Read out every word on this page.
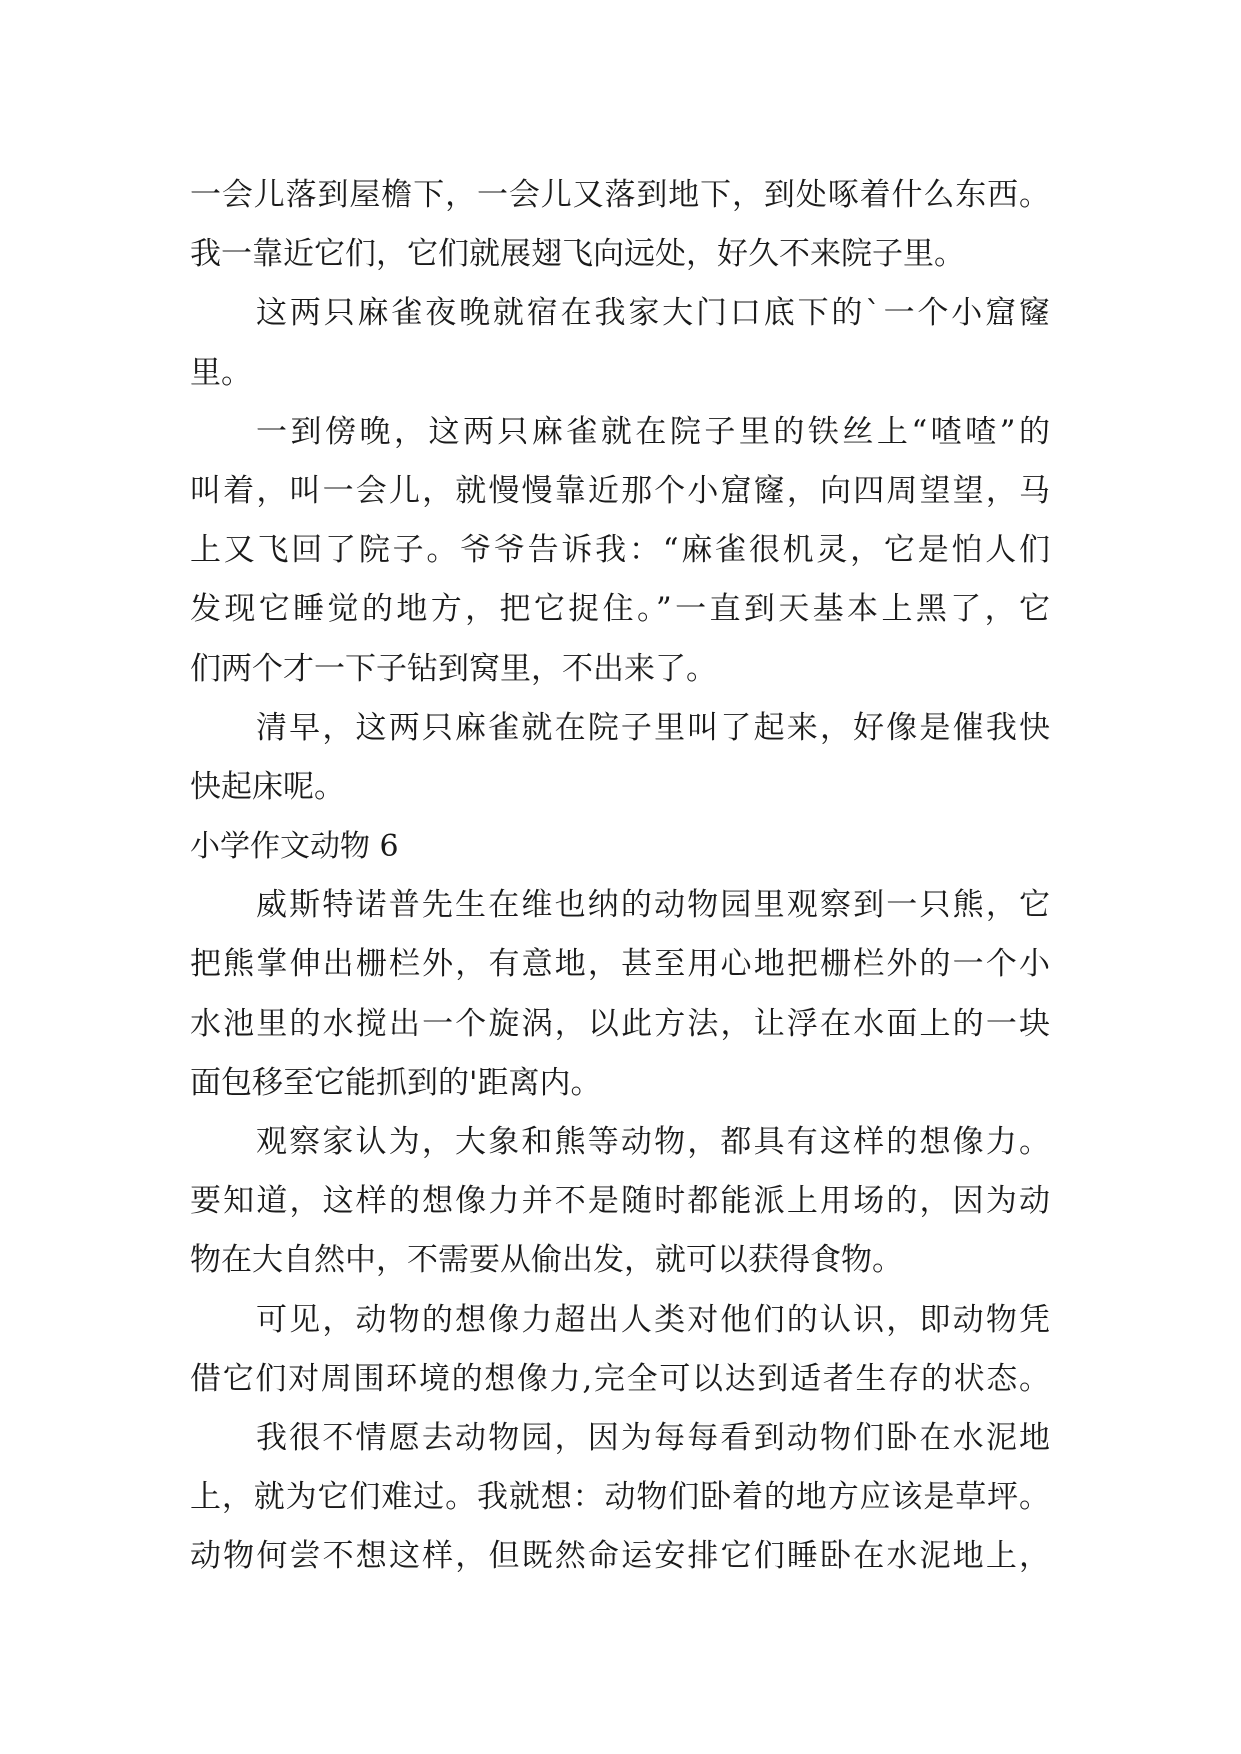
一会儿落到屋檐下，一会儿又落到地下，到处啄着什么东西。
我一靠近它们，它们就展翅飞向远处，好久不来院子里。
这两只麻雀夜晚就宿在我家大门口底下的`一个小窟窿
里。
一到傍晚，这两只麻雀就在院子里的铁丝上“喳喳”的
叫着，叫一会儿，就慢慢靠近那个小窟窿，向四周望望，马
上又飞回了院子。爷爷告诉我：“麻雀很机灵，它是怕人们
发现它睡觉的地方，把它捉住。”一直到天基本上黑了，它
们两个才一下子钻到窝里，不出来了。
清早，这两只麻雀就在院子里叫了起来，好像是催我快
快起床呢。
小学作文动物 6
威斯特诺普先生在维也纳的动物园里观察到一只熊，它
把熊掌伸出栅栏外，有意地，甚至用心地把栅栏外的一个小
水池里的水搅出一个旋涡，以此方法，让浮在水面上的一块
面包移至它能抓到的'距离内。
观察家认为，大象和熊等动物，都具有这样的想像力。
要知道，这样的想像力并不是随时都能派上用场的，因为动
物在大自然中，不需要从偷出发，就可以获得食物。
可见，动物的想像力超出人类对他们的认识，即动物凭
借它们对周围环境的想像力,完全可以达到适者生存的状态。
我很不情愿去动物园，因为每每看到动物们卧在水泥地
上，就为它们难过。我就想：动物们卧着的地方应该是草坪。
动物何尝不想这样，但既然命运安排它们睡卧在水泥地上，
